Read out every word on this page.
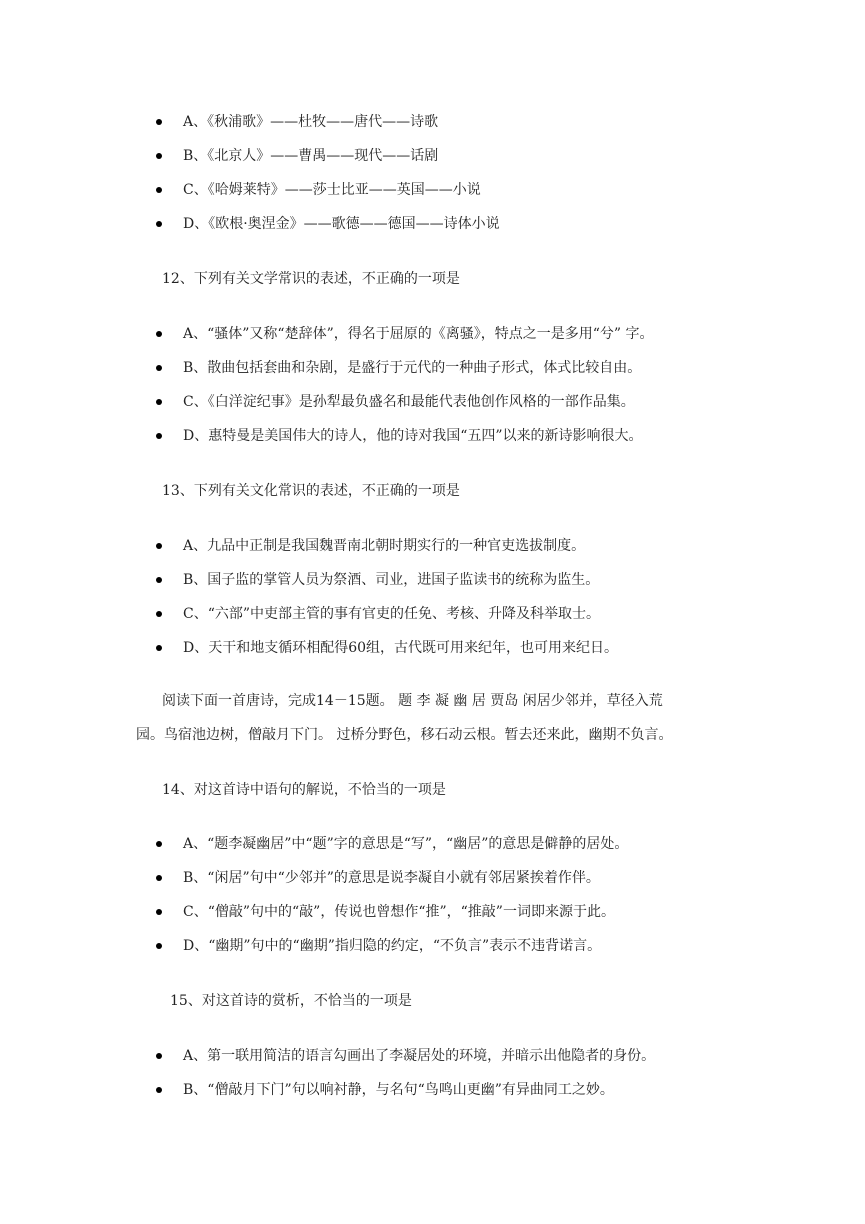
A、《秋浦歌》——杜牧——唐代——诗歌
B、《北京人》——曹禺——现代——话剧
C、《哈姆莱特》——莎士比亚——英国——小说
D、《欧根·奥涅金》——歌德——德国——诗体小说
12、下列有关文学常识的表述，不正确的一项是
A、“骚体”又称“楚辞体”，得名于屈原的《离骚》，特点之一是多用“兮” 字。
B、散曲包括套曲和杂剧，是盛行于元代的一种曲子形式，体式比较自由。
C、《白洋淀纪事》是孙犁最负盛名和最能代表他创作风格的一部作品集。
D、惠特曼是美国伟大的诗人，他的诗对我国“五四”以来的新诗影响很大。
13、下列有关文化常识的表述，不正确的一项是
A、九品中正制是我国魏晋南北朝时期实行的一种官吏选拔制度。
B、国子监的掌管人员为祭酒、司业，进国子监读书的统称为监生。
C、“六部”中吏部主管的事有官吏的任免、考核、升降及科举取士。
D、天干和地支循环相配得60组，古代既可用来纪年，也可用来纪日。

阅读下面一首唐诗，完成14－15题。 题 李 凝 幽 居 贾岛 闲居少邻并，草径入荒

园。鸟宿池边树，僧敲月下门。 过桥分野色，移石动云根。暂去还来此，幽期不负言。

14、对这首诗中语句的解说，不恰当的一项是
A、“题李凝幽居”中“题”字的意思是“写”，“幽居”的意思是僻静的居处。
B、“闲居”句中“少邻并”的意思是说李凝自小就有邻居紧挨着作伴。
C、“僧敲”句中的“敲”，传说也曾想作“推”，“推敲”一词即来源于此。
D、“幽期”句中的“幽期”指归隐的约定，“不负言”表示不违背诺言。
15、对这首诗的赏析，不恰当的一项是
A、第一联用简洁的语言勾画出了李凝居处的环境，并暗示出他隐者的身份。
B、“僧敲月下门”句以响衬静，与名句“鸟鸣山更幽”有异曲同工之妙。
